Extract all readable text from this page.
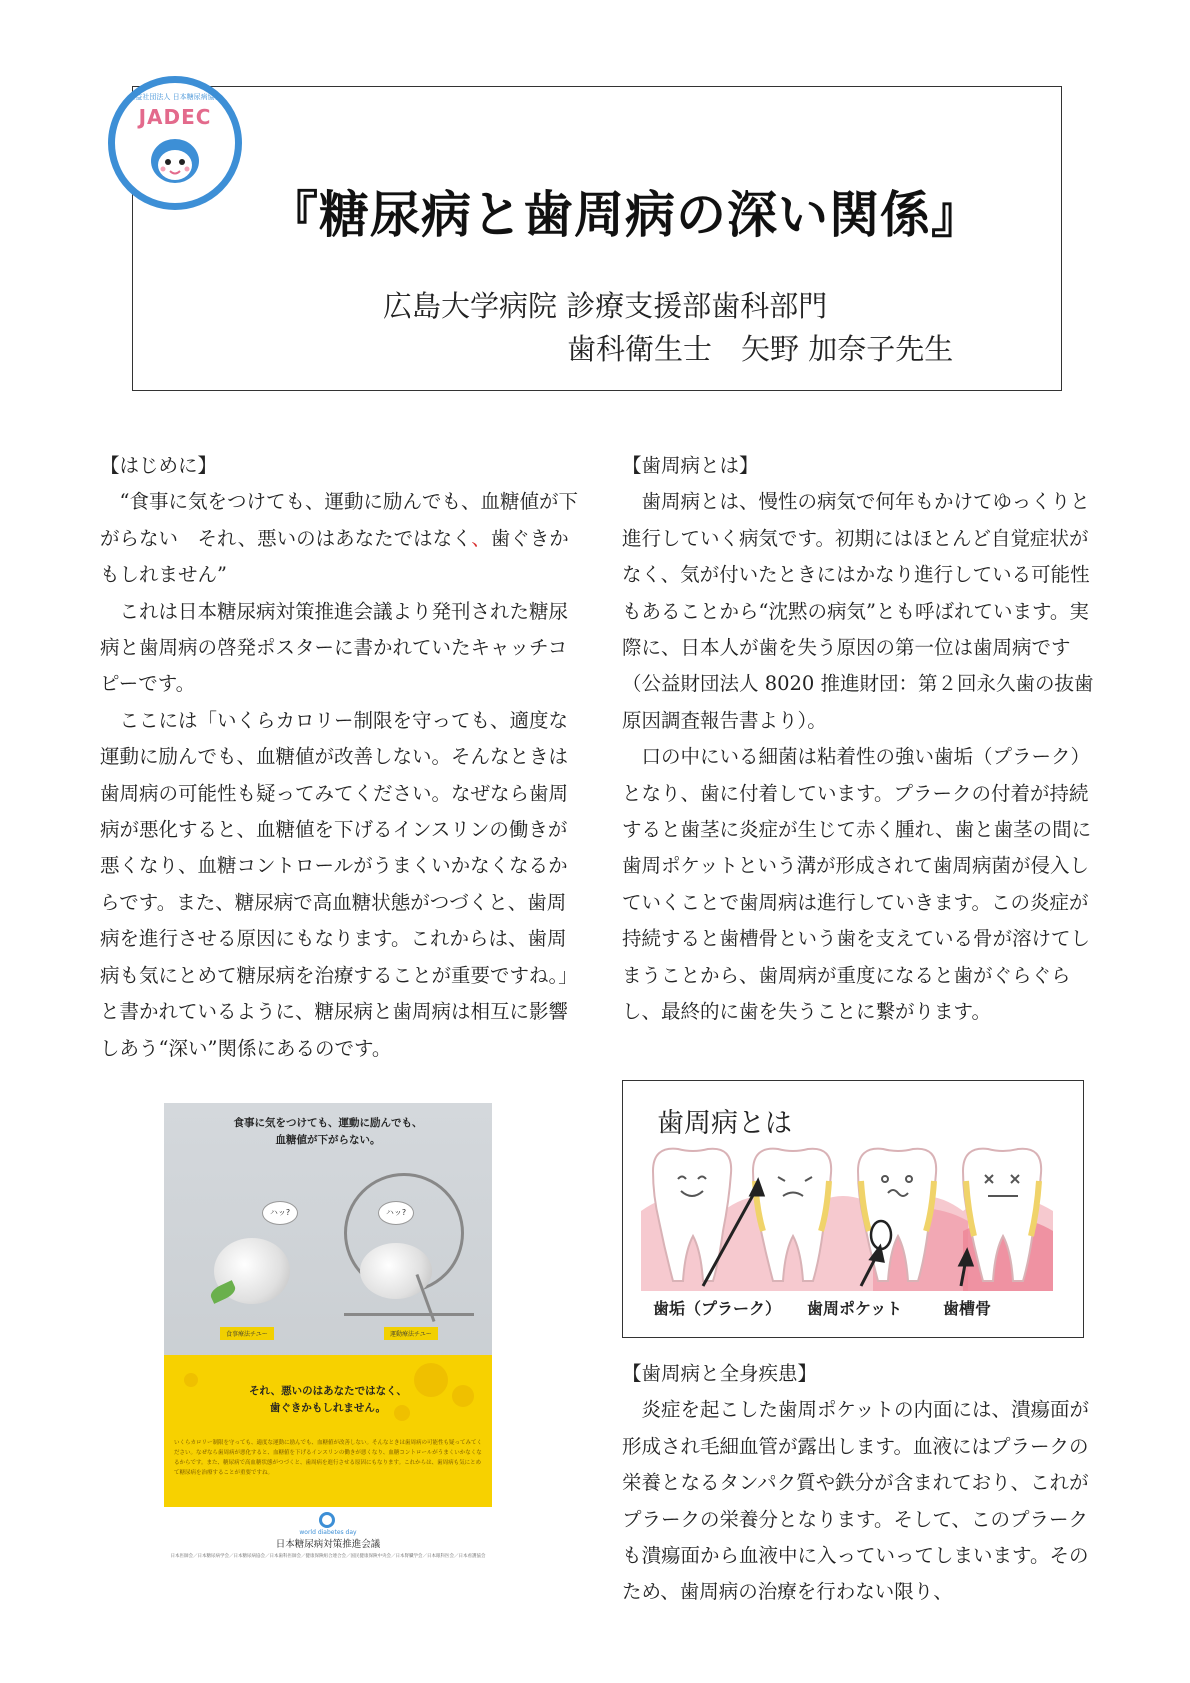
公益社団法人 日本糖尿病協会
JADEC
『糖尿病と歯周病の深い関係』
広島大学病院 診療支援部歯科部門
歯科衛生士　矢野 加奈子先生

【はじめに】

“食事に気をつけても、運動に励んでも、血糖値が下がらない　それ、悪いのはあなたではなく、歯ぐきかもしれません”

これは日本糖尿病対策推進会議より発刊された糖尿病と歯周病の啓発ポスターに書かれていたキャッチコピーです。

ここには「いくらカロリー制限を守っても、適度な運動に励んでも、血糖値が改善しない。そんなときは歯周病の可能性も疑ってみてください。なぜなら歯周病が悪化すると、血糖値を下げるインスリンの働きが悪くなり、血糖コントロールがうまくいかなくなるからです。また、糖尿病で高血糖状態がつづくと、歯周病を進行させる原因にもなります。これからは、歯周病も気にとめて糖尿病を治療することが重要ですね。」と書かれているように、糖尿病と歯周病は相互に影響しあう“深い”関係にあるのです。

食事に気をつけても、運動に励んでも、
血糖値が下がらない。
ハッ?	ハッ?
食事療法チユー	運動療法チユー
それ、悪いのはあなたではなく、
歯ぐきかもしれません。
いくらカロリー制限を守っても、適度な運動に励んでも、血糖値が改善しない。そんなときは歯周病の可能性も疑ってみてください。なぜなら歯周病が悪化すると、血糖値を下げるインスリンの働きが悪くなり、血糖コントロールがうまくいかなくなるからです。また、糖尿病で高血糖状態がつづくと、歯周病を進行させる原因にもなります。これからは、歯周病も気にとめて糖尿病を治療することが重要ですね。
world diabetes day
日本糖尿病対策推進会議
日本医師会／日本糖尿病学会／日本糖尿病協会／日本歯科医師会／健康保険組合連合会／国民健康保険中央会／日本腎臓学会／日本眼科医会／日本看護協会

【歯周病とは】

歯周病とは、慢性の病気で何年もかけてゆっくりと進行していく病気です。初期にはほとんど自覚症状がなく、気が付いたときにはかなり進行している可能性もあることから“沈黙の病気”とも呼ばれています。実際に、日本人が歯を失う原因の第一位は歯周病です（公益財団法人 8020 推進財団：第２回永久歯の抜歯原因調査報告書より）。

口の中にいる細菌は粘着性の強い歯垢（プラーク）となり、歯に付着しています。プラークの付着が持続すると歯茎に炎症が生じて赤く腫れ、歯と歯茎の間に歯周ポケットという溝が形成されて歯周病菌が侵入していくことで歯周病は進行していきます。この炎症が持続すると歯槽骨という歯を支えている骨が溶けてしまうことから、歯周病が重度になると歯がぐらぐらし、最終的に歯を失うことに繋がります。

歯周病とは
歯垢（プラーク） 歯周ポケット	歯槽骨

【歯周病と全身疾患】

炎症を起こした歯周ポケットの内面には、潰瘍面が形成され毛細血管が露出します。血液にはプラークの栄養となるタンパク質や鉄分が含まれており、これがプラークの栄養分となります。そして、このプラークも潰瘍面から血液中に入っていってしまいます。そのため、歯周病の治療を行わない限り、
